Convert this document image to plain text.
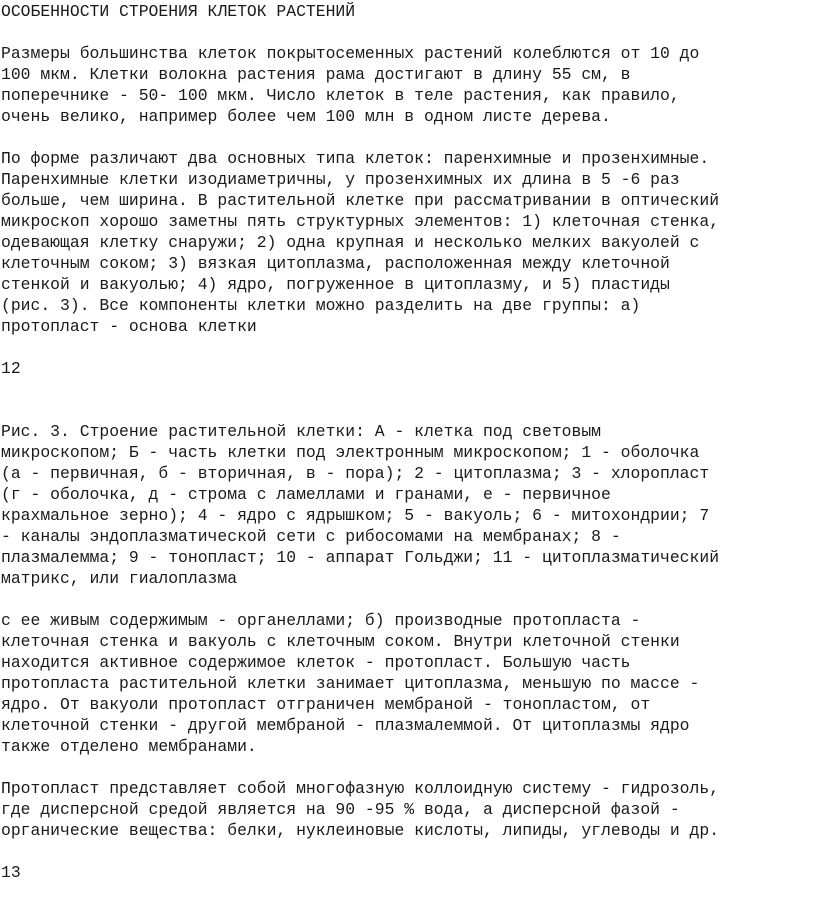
ОСОБЕННОСТИ СТРОЕНИЯ КЛЕТОК РАСТЕНИЙ
Размеры большинства клеток покрытосеменных растений колеблются от 10 до
100 мкм. Клетки волокна растения рама достигают в длину 55 см, в
поперечнике - 50- 100 мкм. Число клеток в теле растения, как правило,
очень велико, например более чем 100 млн в одном листе дерева.
По форме различают два основных типа клеток: паренхимные и прозенхимные.
Паренхимные клетки изодиаметричны, у прозенхимных их длина в 5 -6 раз
больше, чем ширина. В растительной клетке при рассматривании в оптический
микроскоп хорошо заметны пять структурных элементов: 1) клеточная стенка,
одевающая клетку снаружи; 2) одна крупная и несколько мелких вакуолей с
клеточным соком; 3) вязкая цитоплазма, расположенная между клеточной
стенкой и вакуолью; 4) ядро, погруженное в цитоплазму, и 5) пластиды
(рис. 3). Все компоненты клетки можно разделить на две группы: а)
протопласт - основа клетки
12
Рис. 3. Строение растительной клетки: А - клетка под световым
микроскопом; Б - часть клетки под электронным микроскопом; 1 - оболочка
(а - первичная, б - вторичная, в - пора); 2 - цитоплазма; 3 - хлоропласт
(г - оболочка, д - строма с ламеллами и гранами, е - первичное
крахмальное зерно); 4 - ядро с ядрышком; 5 - вакуоль; 6 - митохондрии; 7
- каналы эндоплазматической сети с рибосомами на мембранах; 8 -
плазмалемма; 9 - тонопласт; 10 - аппарат Гольджи; 11 - цитоплазматический
матрикс, или гиалоплазма
с ее живым содержимым - органеллами; б) производные протопласта -
клеточная стенка и вакуоль с клеточным соком. Внутри клеточной стенки
находится активное содержимое клеток - протопласт. Большую часть
протопласта растительной клетки занимает цитоплазма, меньшую по массе -
ядро. От вакуоли протопласт отграничен мембраной - тонопластом, от
клеточной стенки - другой мембраной - плазмалеммой. От цитоплазмы ядро
также отделено мембранами.
Протопласт представляет собой многофазную коллоидную систему - гидрозоль,
где дисперсной средой является на 90 -95 % вода, а дисперсной фазой -
органические вещества: белки, нуклеиновые кислоты, липиды, углеводы и др.
13
